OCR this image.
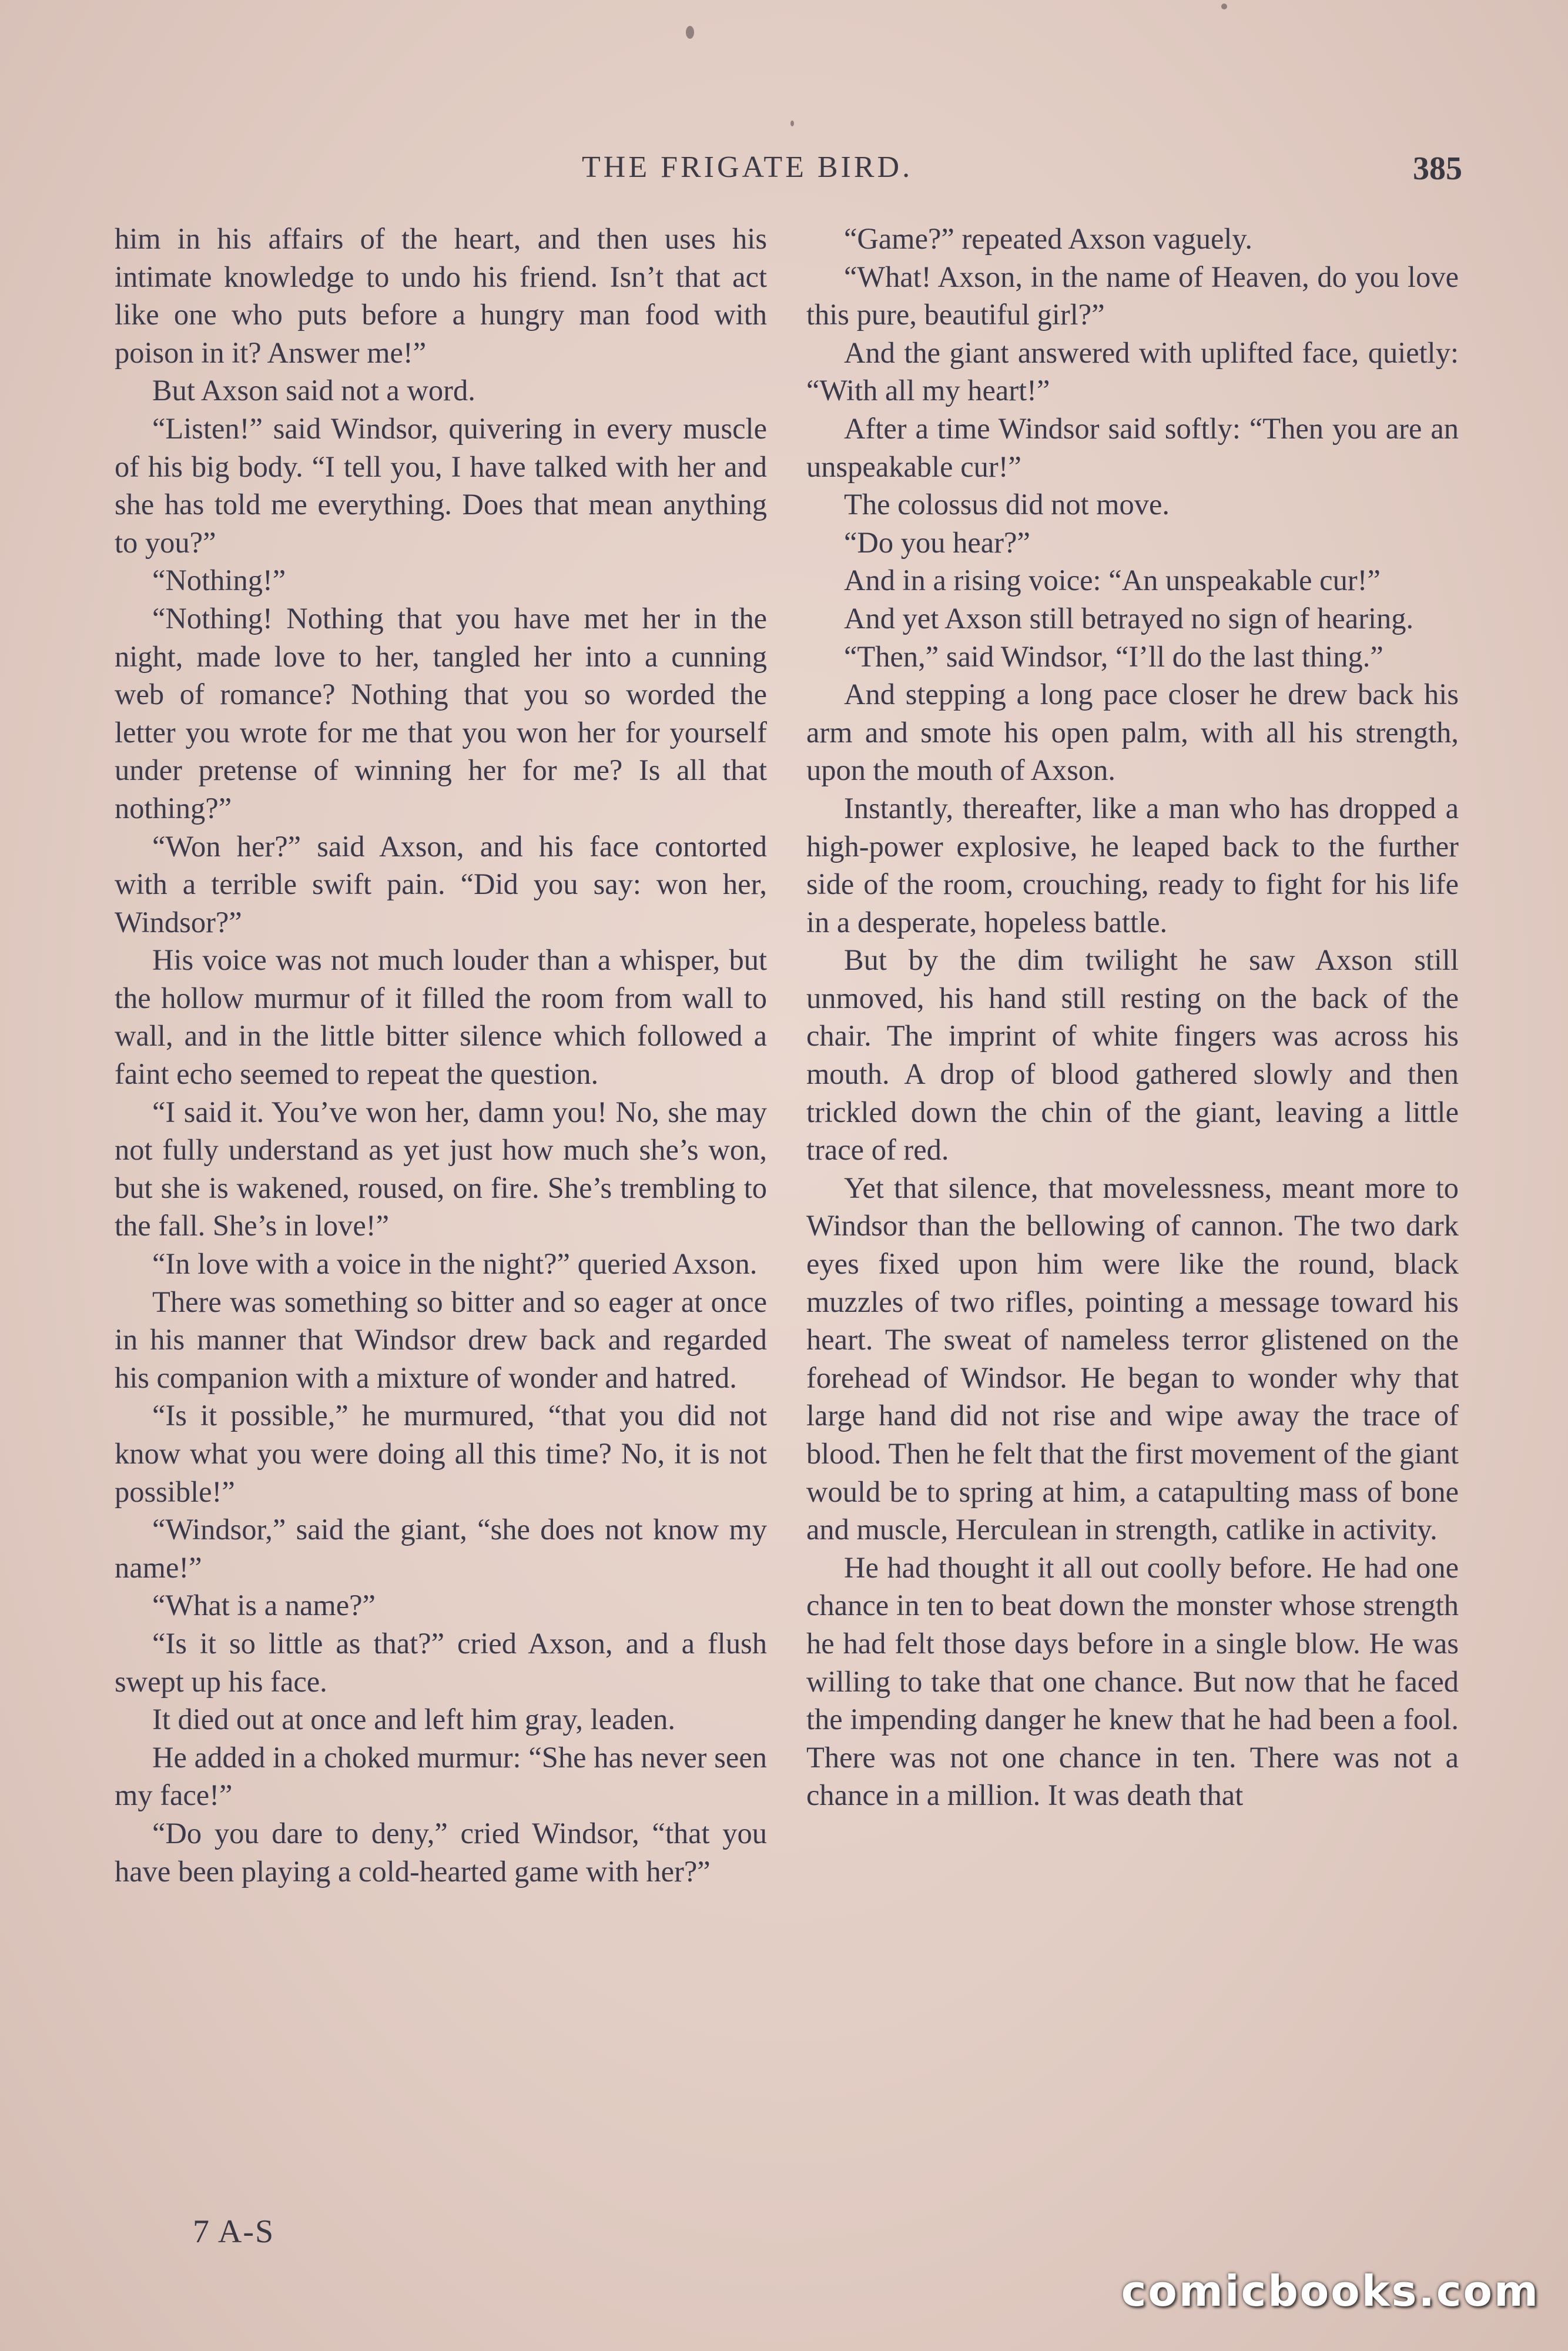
THE FRIGATE BIRD.	385

him in his affairs of the heart, and then uses his intimate knowledge to undo his friend. Isn’t that act like one who puts before a hungry man food with poison in it? Answer me!”

But Axson said not a word.

“Listen!” said Windsor, quivering in every muscle of his big body. “I tell you, I have talked with her and she has told me everything. Does that mean anything to you?”

“Nothing!”

“Nothing! Nothing that you have met her in the night, made love to her, tangled her into a cunning web of romance? Nothing that you so worded the letter you wrote for me that you won her for yourself under pretense of winning her for me? Is all that nothing?”

“Won her?” said Axson, and his face contorted with a terrible swift pain. “Did you say: won her, Windsor?”

His voice was not much louder than a whisper, but the hollow murmur of it filled the room from wall to wall, and in the little bitter silence which followed a faint echo seemed to repeat the question.

“I said it. You’ve won her, damn you! No, she may not fully understand as yet just how much she’s won, but she is wakened, roused, on fire. She’s trembling to the fall. She’s in love!”

“In love with a voice in the night?” queried Axson.

There was something so bitter and so eager at once in his manner that Windsor drew back and regarded his companion with a mixture of wonder and hatred.

“Is it possible,” he murmured, “that you did not know what you were doing all this time? No, it is not possible!”

“Windsor,” said the giant, “she does not know my name!”

“What is a name?”

“Is it so little as that?” cried Axson, and a flush swept up his face.

It died out at once and left him gray, leaden.

He added in a choked murmur: “She has never seen my face!”

“Do you dare to deny,” cried Windsor, “that you have been playing a cold-hearted game with her?”

“Game?” repeated Axson vaguely.

“What! Axson, in the name of Heaven, do you love this pure, beautiful girl?”

And the giant answered with uplifted face, quietly: “With all my heart!”

After a time Windsor said softly: “Then you are an unspeakable cur!”

The colossus did not move.

“Do you hear?”

And in a rising voice: “An unspeakable cur!”

And yet Axson still betrayed no sign of hearing.

“Then,” said Windsor, “I’ll do the last thing.”

And stepping a long pace closer he drew back his arm and smote his open palm, with all his strength, upon the mouth of Axson.

Instantly, thereafter, like a man who has dropped a high-power explosive, he leaped back to the further side of the room, crouching, ready to fight for his life in a desperate, hopeless battle.

But by the dim twilight he saw Axson still unmoved, his hand still resting on the back of the chair. The imprint of white fingers was across his mouth. A drop of blood gathered slowly and then trickled down the chin of the giant, leaving a little trace of red.

Yet that silence, that movelessness, meant more to Windsor than the bellowing of cannon. The two dark eyes fixed upon him were like the round, black muzzles of two rifles, pointing a message toward his heart. The sweat of nameless terror glistened on the forehead of Windsor. He began to wonder why that large hand did not rise and wipe away the trace of blood. Then he felt that the first movement of the giant would be to spring at him, a catapulting mass of bone and muscle, Herculean in strength, catlike in activity.

He had thought it all out coolly before. He had one chance in ten to beat down the monster whose strength he had felt those days before in a single blow. He was willing to take that one chance. But now that he faced the impending danger he knew that he had been a fool. There was not one chance in ten. There was not a chance in a million. It was death that

7 A-S
comicbooks.com
